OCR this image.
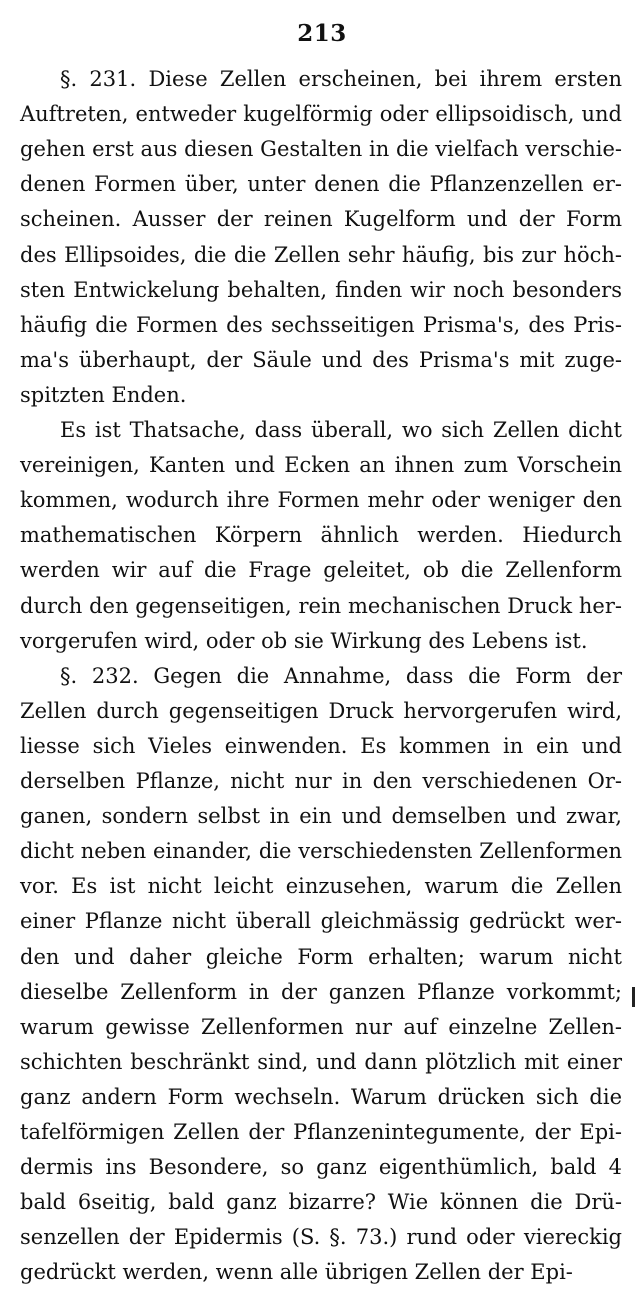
213
§. 231. Diese Zellen erscheinen, bei ihrem ersten
Auftreten, entweder kugelförmig oder ellipsoidisch, und
gehen erst aus diesen Gestalten in die vielfach verschie-
denen Formen über, unter denen die Pflanzenzellen er-
scheinen. Ausser der reinen Kugelform und der Form
des Ellipsoides, die die Zellen sehr häufig, bis zur höch-
sten Entwickelung behalten, finden wir noch besonders
häufig die Formen des sechsseitigen Prisma's, des Pris-
ma's überhaupt, der Säule und des Prisma's mit zuge-
spitzten Enden.
Es ist Thatsache, dass überall, wo sich Zellen dicht
vereinigen, Kanten und Ecken an ihnen zum Vorschein
kommen, wodurch ihre Formen mehr oder weniger den
mathematischen Körpern ähnlich werden. Hiedurch
werden wir auf die Frage geleitet, ob die Zellenform
durch den gegenseitigen, rein mechanischen Druck her-
vorgerufen wird, oder ob sie Wirkung des Lebens ist.
§. 232. Gegen die Annahme, dass die Form der
Zellen durch gegenseitigen Druck hervorgerufen wird,
liesse sich Vieles einwenden. Es kommen in ein und
derselben Pflanze, nicht nur in den verschiedenen Or-
ganen, sondern selbst in ein und demselben und zwar,
dicht neben einander, die verschiedensten Zellenformen
vor. Es ist nicht leicht einzusehen, warum die Zellen
einer Pflanze nicht überall gleichmässig gedrückt wer-
den und daher gleiche Form erhalten; warum nicht
dieselbe Zellenform in der ganzen Pflanze vorkommt;
warum gewisse Zellenformen nur auf einzelne Zellen-
schichten beschränkt sind, und dann plötzlich mit einer
ganz andern Form wechseln. Warum drücken sich die
tafelförmigen Zellen der Pflanzenintegumente, der Epi-
dermis ins Besondere, so ganz eigenthümlich, bald 4
bald 6seitig, bald ganz bizarre? Wie können die Drü-
senzellen der Epidermis (S. §. 73.) rund oder viereckig
gedrückt werden, wenn alle übrigen Zellen der Epi-
